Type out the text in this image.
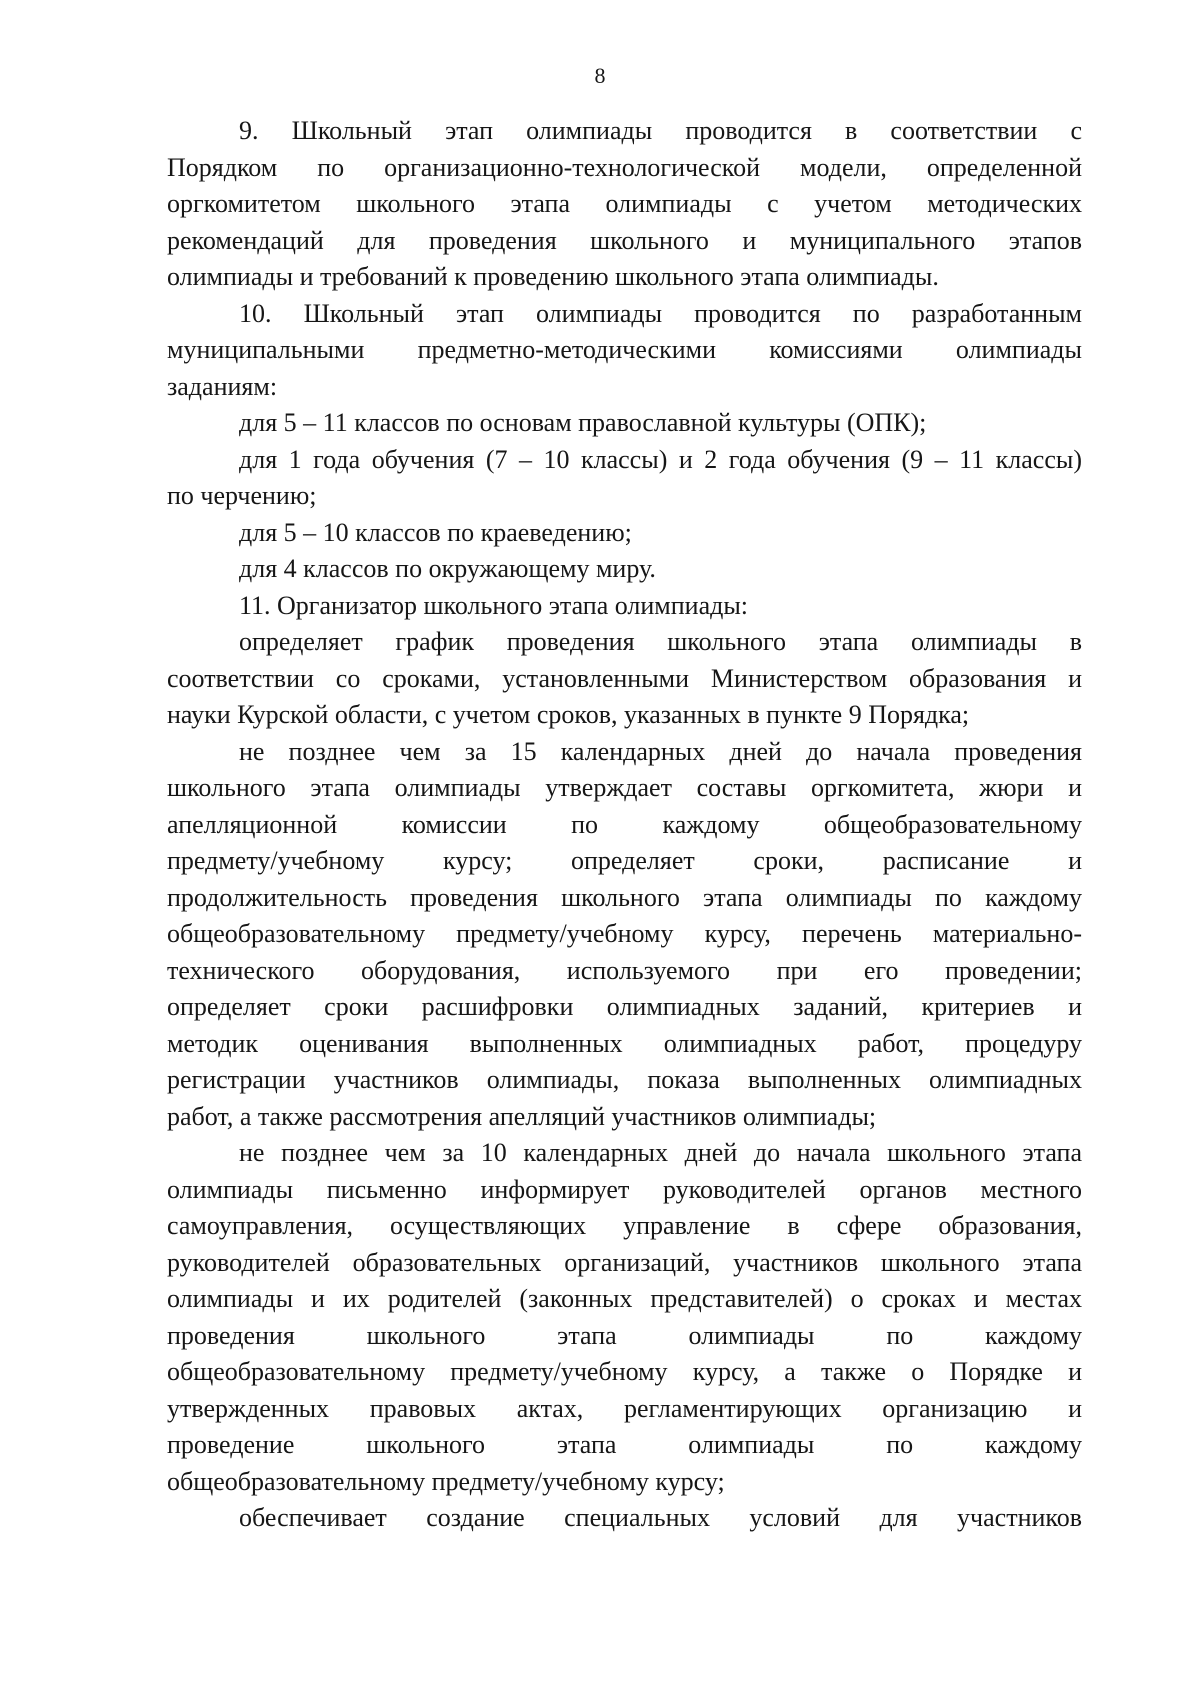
8
9. Школьный этап олимпиады проводится в соответствии с
Порядком по организационно-технологической модели, определенной
оргкомитетом школьного этапа олимпиады с учетом методических
рекомендаций для проведения школьного и муниципального этапов
олимпиады и требований к проведению школьного этапа олимпиады.
10. Школьный этап олимпиады проводится по разработанным
муниципальными предметно-методическими комиссиями олимпиады
заданиям:
для 5 – 11 классов по основам православной культуры (ОПК);
для 1 года обучения (7 – 10 классы) и 2 года обучения (9 – 11 классы)
по черчению;
для 5 – 10 классов по краеведению;
для 4 классов по окружающему миру.
11. Организатор школьного этапа олимпиады:
определяет график проведения школьного этапа олимпиады в
соответствии со сроками, установленными Министерством образования и
науки Курской области, с учетом сроков, указанных в пункте 9 Порядка;
не позднее чем за 15 календарных дней до начала проведения
школьного этапа олимпиады утверждает составы оргкомитета, жюри и
апелляционной комиссии по каждому общеобразовательному
предмету/учебному курсу; определяет сроки, расписание и
продолжительность проведения школьного этапа олимпиады по каждому
общеобразовательному предмету/учебному курсу, перечень материально-
технического оборудования, используемого при его проведении;
определяет сроки расшифровки олимпиадных заданий, критериев и
методик оценивания выполненных олимпиадных работ, процедуру
регистрации участников олимпиады, показа выполненных олимпиадных
работ, а также рассмотрения апелляций участников олимпиады;
не позднее чем за 10 календарных дней до начала школьного этапа
олимпиады письменно информирует руководителей органов местного
самоуправления, осуществляющих управление в сфере образования,
руководителей образовательных организаций, участников школьного этапа
олимпиады и их родителей (законных представителей) о сроках и местах
проведения школьного этапа олимпиады по каждому
общеобразовательному предмету/учебному курсу, а также о Порядке и
утвержденных правовых актах, регламентирующих организацию и
проведение школьного этапа олимпиады по каждому
общеобразовательному предмету/учебному курсу;
обеспечивает создание специальных условий для участников
